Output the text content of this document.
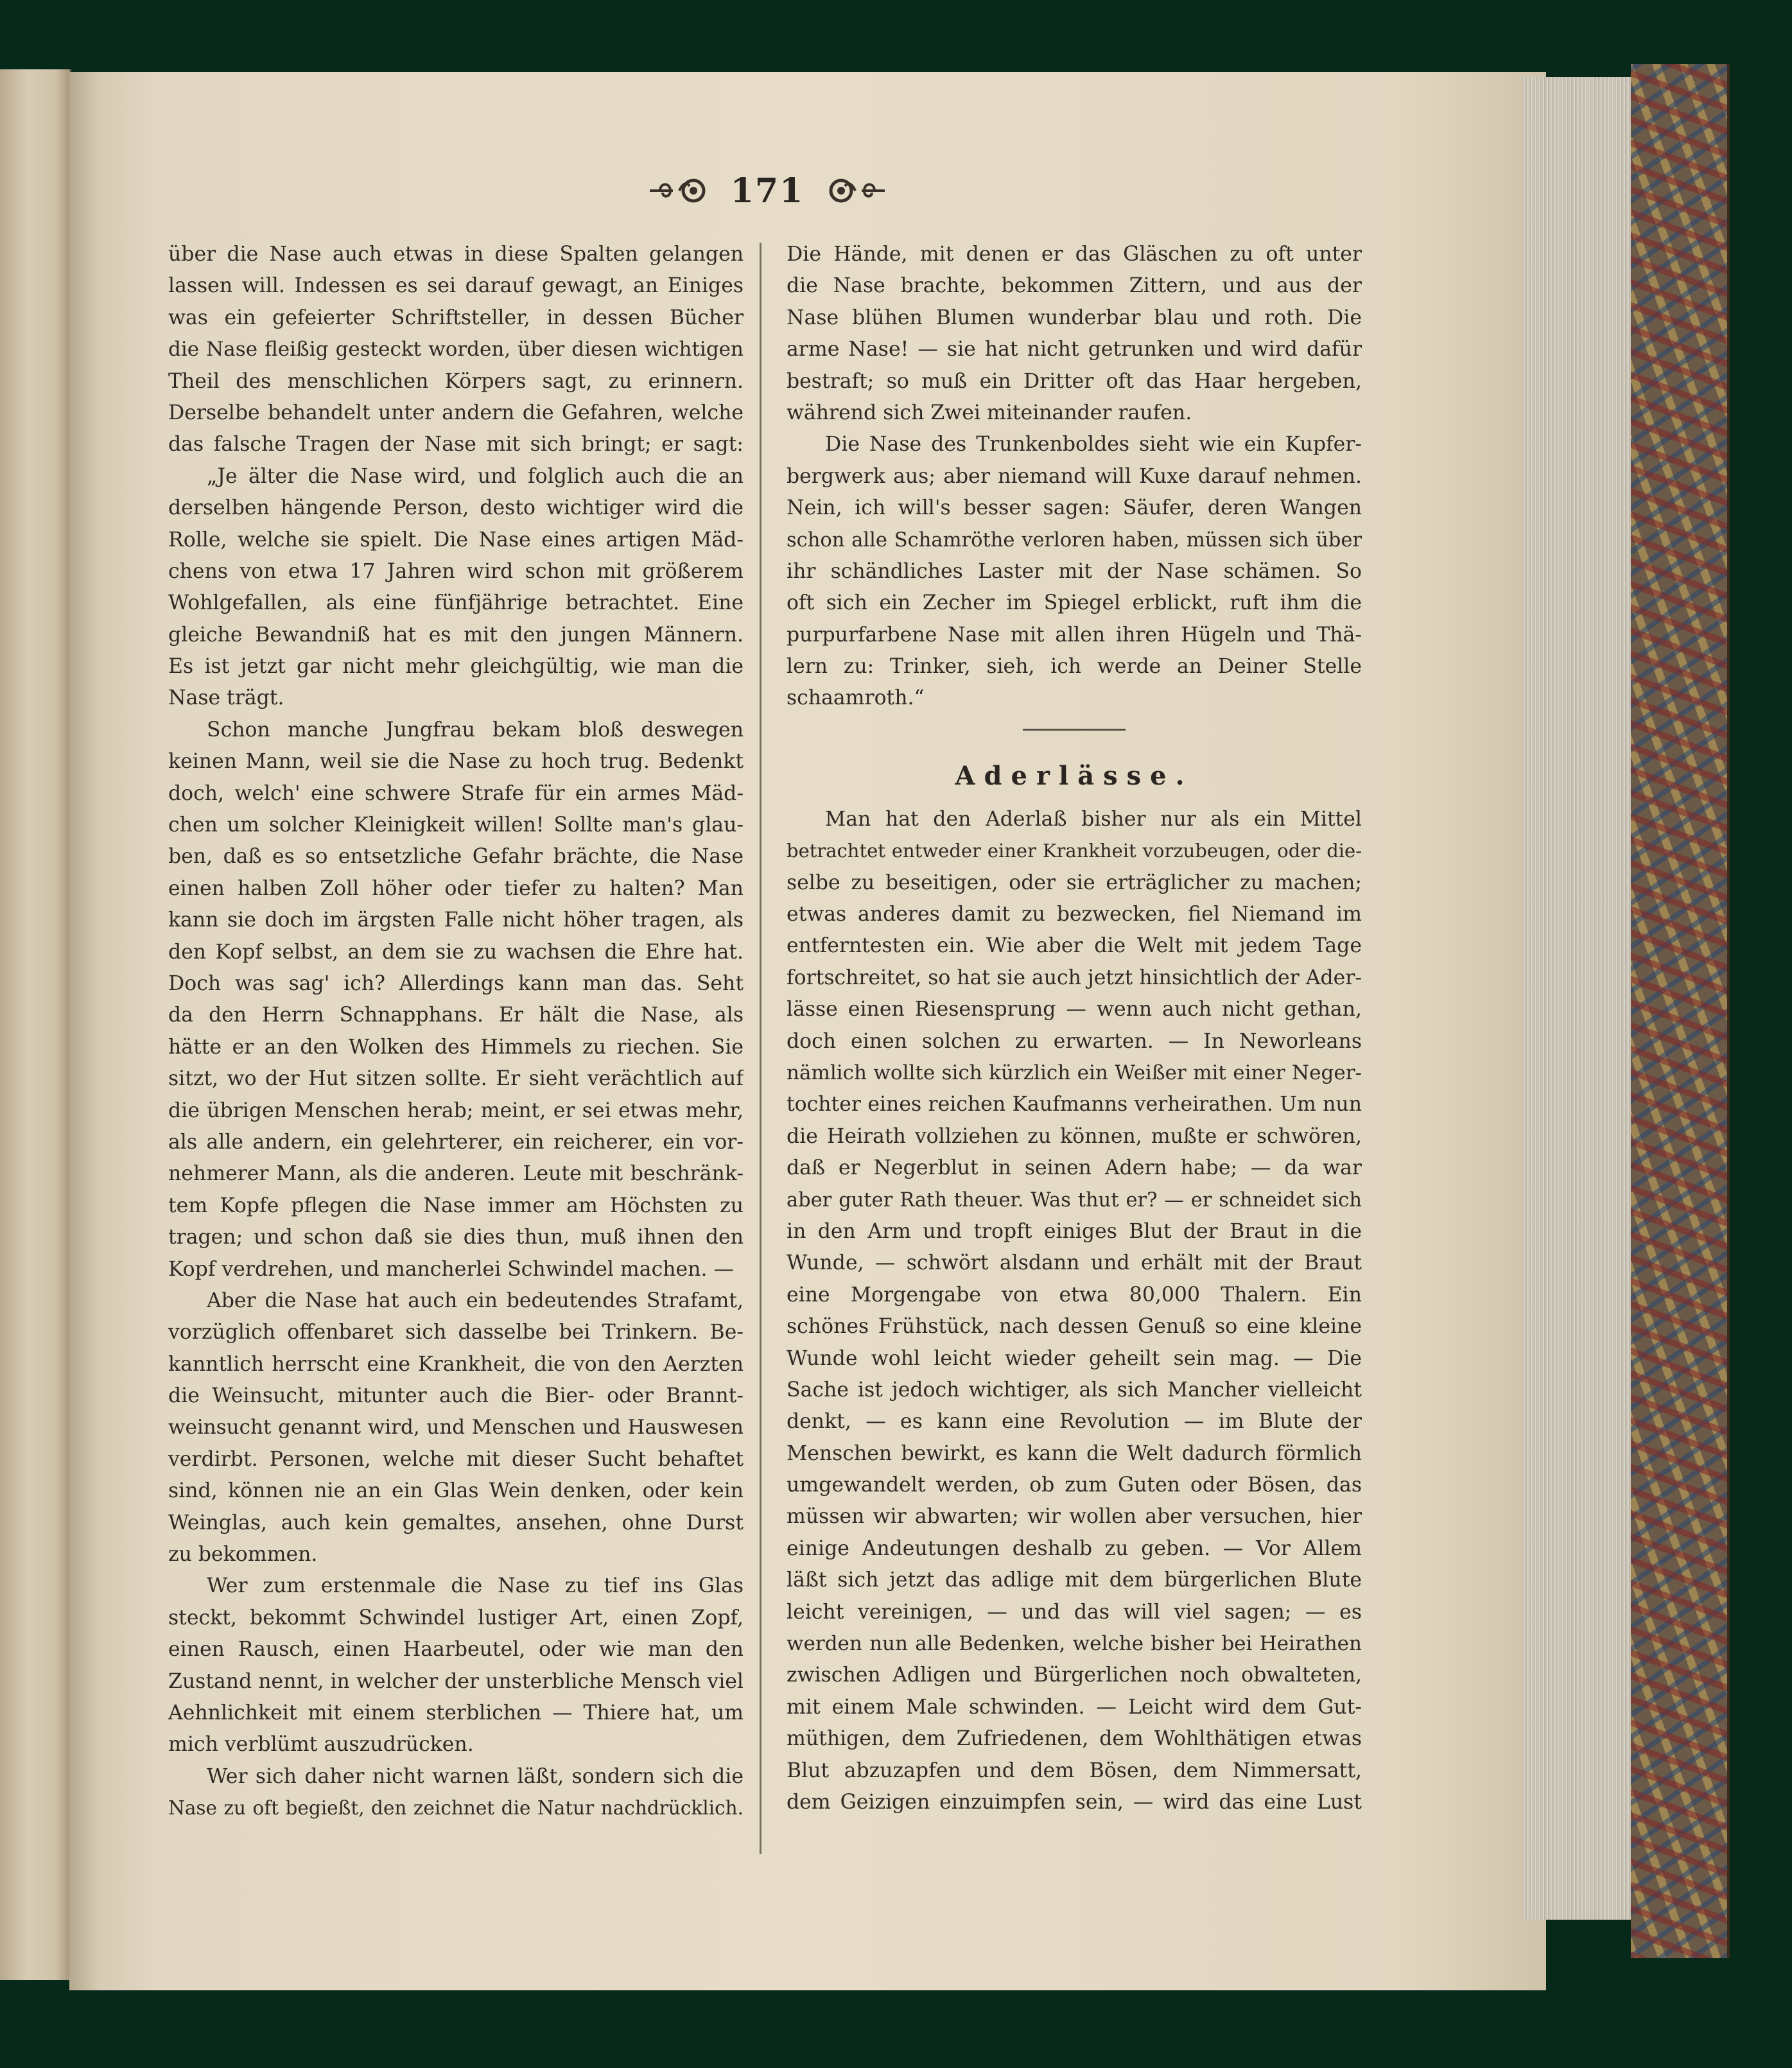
171
über die Nase auch etwas in diese Spalten gelangen
lassen will. Indessen es sei darauf gewagt, an Einiges
was ein gefeierter Schriftsteller, in dessen Bücher
die Nase fleißig gesteckt worden, über diesen wichtigen
Theil des menschlichen Körpers sagt, zu erinnern.
Derselbe behandelt unter andern die Gefahren, welche
das falsche Tragen der Nase mit sich bringt; er sagt:
„Je älter die Nase wird, und folglich auch die an
derselben hängende Person, desto wichtiger wird die
Rolle, welche sie spielt. Die Nase eines artigen Mäd-
chens von etwa 17 Jahren wird schon mit größerem
Wohlgefallen, als eine fünfjährige betrachtet. Eine
gleiche Bewandniß hat es mit den jungen Männern.
Es ist jetzt gar nicht mehr gleichgültig, wie man die
Nase trägt.
Schon manche Jungfrau bekam bloß deswegen
keinen Mann, weil sie die Nase zu hoch trug. Bedenkt
doch, welch' eine schwere Strafe für ein armes Mäd-
chen um solcher Kleinigkeit willen! Sollte man's glau-
ben, daß es so entsetzliche Gefahr brächte, die Nase
einen halben Zoll höher oder tiefer zu halten? Man
kann sie doch im ärgsten Falle nicht höher tragen, als
den Kopf selbst, an dem sie zu wachsen die Ehre hat.
Doch was sag' ich? Allerdings kann man das. Seht
da den Herrn Schnapphans. Er hält die Nase, als
hätte er an den Wolken des Himmels zu riechen. Sie
sitzt, wo der Hut sitzen sollte. Er sieht verächtlich auf
die übrigen Menschen herab; meint, er sei etwas mehr,
als alle andern, ein gelehrterer, ein reicherer, ein vor-
nehmerer Mann, als die anderen. Leute mit beschränk-
tem Kopfe pflegen die Nase immer am Höchsten zu
tragen; und schon daß sie dies thun, muß ihnen den
Kopf verdrehen, und mancherlei Schwindel machen. —
Aber die Nase hat auch ein bedeutendes Strafamt,
vorzüglich offenbaret sich dasselbe bei Trinkern. Be-
kanntlich herrscht eine Krankheit, die von den Aerzten
die Weinsucht, mitunter auch die Bier- oder Brannt-
weinsucht genannt wird, und Menschen und Hauswesen
verdirbt. Personen, welche mit dieser Sucht behaftet
sind, können nie an ein Glas Wein denken, oder kein
Weinglas, auch kein gemaltes, ansehen, ohne Durst
zu bekommen.
Wer zum erstenmale die Nase zu tief ins Glas
steckt, bekommt Schwindel lustiger Art, einen Zopf,
einen Rausch, einen Haarbeutel, oder wie man den
Zustand nennt, in welcher der unsterbliche Mensch viel
Aehnlichkeit mit einem sterblichen — Thiere hat, um
mich verblümt auszudrücken.
Wer sich daher nicht warnen läßt, sondern sich die
Nase zu oft begießt, den zeichnet die Natur nachdrücklich.
Die Hände, mit denen er das Gläschen zu oft unter
die Nase brachte, bekommen Zittern, und aus der
Nase blühen Blumen wunderbar blau und roth. Die
arme Nase! — sie hat nicht getrunken und wird dafür
bestraft; so muß ein Dritter oft das Haar hergeben,
während sich Zwei miteinander raufen.
Die Nase des Trunkenboldes sieht wie ein Kupfer-
bergwerk aus; aber niemand will Kuxe darauf nehmen.
Nein, ich will's besser sagen: Säufer, deren Wangen
schon alle Schamröthe verloren haben, müssen sich über
ihr schändliches Laster mit der Nase schämen. So
oft sich ein Zecher im Spiegel erblickt, ruft ihm die
purpurfarbene Nase mit allen ihren Hügeln und Thä-
lern zu: Trinker, sieh, ich werde an Deiner Stelle
schaamroth.“
Aderlässe.
Man hat den Aderlaß bisher nur als ein Mittel
betrachtet entweder einer Krankheit vorzubeugen, oder die-
selbe zu beseitigen, oder sie erträglicher zu machen;
etwas anderes damit zu bezwecken, fiel Niemand im
entferntesten ein. Wie aber die Welt mit jedem Tage
fortschreitet, so hat sie auch jetzt hinsichtlich der Ader-
lässe einen Riesensprung — wenn auch nicht gethan,
doch einen solchen zu erwarten. — In Neworleans
nämlich wollte sich kürzlich ein Weißer mit einer Neger-
tochter eines reichen Kaufmanns verheirathen. Um nun
die Heirath vollziehen zu können, mußte er schwören,
daß er Negerblut in seinen Adern habe; — da war
aber guter Rath theuer. Was thut er? — er schneidet sich
in den Arm und tropft einiges Blut der Braut in die
Wunde, — schwört alsdann und erhält mit der Braut
eine Morgengabe von etwa 80,000 Thalern. Ein
schönes Frühstück, nach dessen Genuß so eine kleine
Wunde wohl leicht wieder geheilt sein mag. — Die
Sache ist jedoch wichtiger, als sich Mancher vielleicht
denkt, — es kann eine Revolution — im Blute der
Menschen bewirkt, es kann die Welt dadurch förmlich
umgewandelt werden, ob zum Guten oder Bösen, das
müssen wir abwarten; wir wollen aber versuchen, hier
einige Andeutungen deshalb zu geben. — Vor Allem
läßt sich jetzt das adlige mit dem bürgerlichen Blute
leicht vereinigen, — und das will viel sagen; — es
werden nun alle Bedenken, welche bisher bei Heirathen
zwischen Adligen und Bürgerlichen noch obwalteten,
mit einem Male schwinden. — Leicht wird dem Gut-
müthigen, dem Zufriedenen, dem Wohlthätigen etwas
Blut abzuzapfen und dem Bösen, dem Nimmersatt,
dem Geizigen einzuimpfen sein, — wird das eine Lust
